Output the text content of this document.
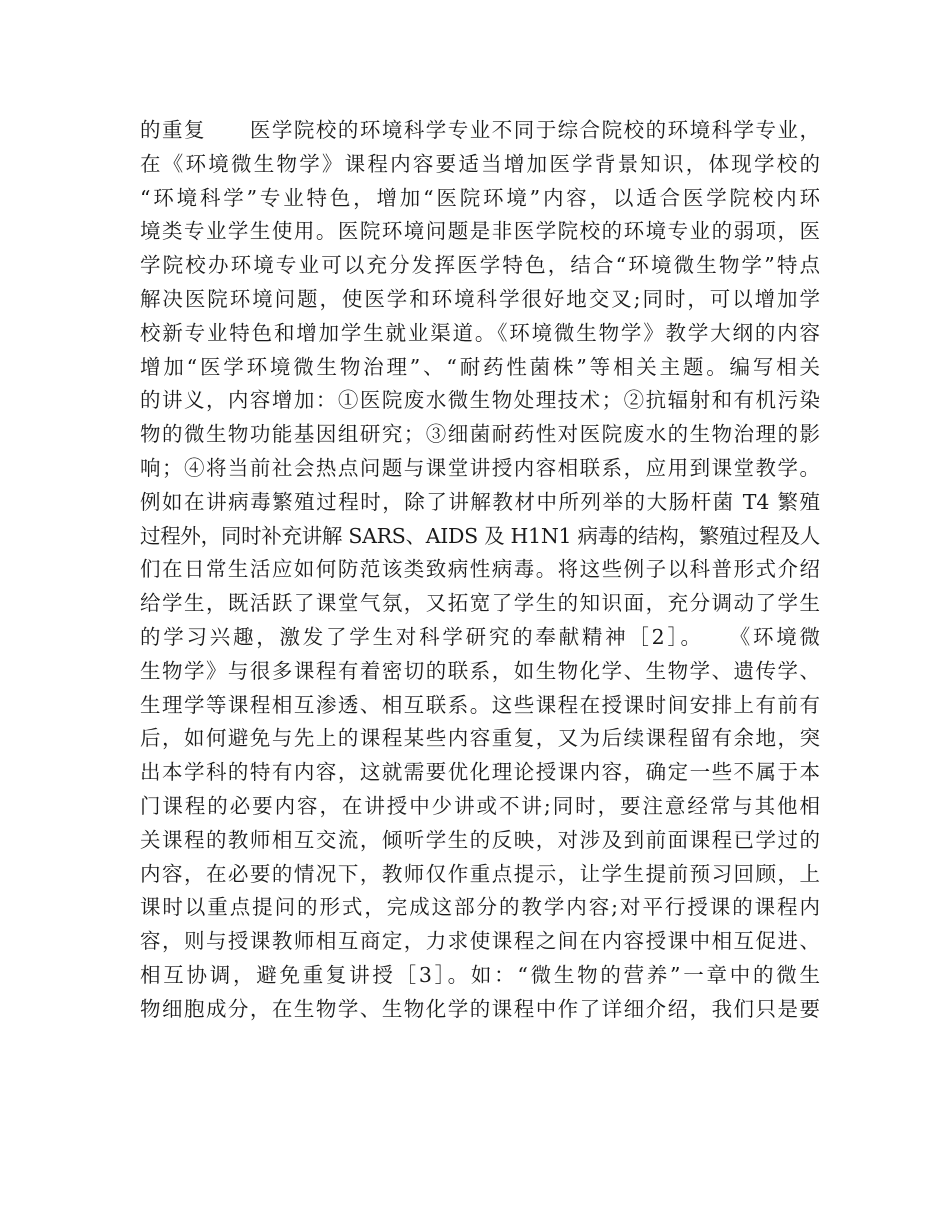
的重复　　医学院校的环境科学专业不同于综合院校的环境科学专业，
在《环境微生物学》课程内容要适当增加医学背景知识，体现学校的
“环境科学”专业特色，增加“医院环境”内容，以适合医学院校内环
境类专业学生使用。医院环境问题是非医学院校的环境专业的弱项，医
学院校办环境专业可以充分发挥医学特色，结合“环境微生物学”特点
解决医院环境问题，使医学和环境科学很好地交叉;同时，可以增加学
校新专业特色和增加学生就业渠道。《环境微生物学》教学大纲的内容
增加“医学环境微生物治理”、“耐药性菌株”等相关主题。编写相关
的讲义，内容增加：①医院废水微生物处理技术；②抗辐射和有机污染
物的微生物功能基因组研究；③细菌耐药性对医院废水的生物治理的影
响；④将当前社会热点问题与课堂讲授内容相联系，应用到课堂教学。
例如在讲病毒繁殖过程时，除了讲解教材中所列举的大肠杆菌 T4 繁殖
过程外，同时补充讲解 SARS、AIDS 及 H1N1 病毒的结构，繁殖过程及人
们在日常生活应如何防范该类致病性病毒。将这些例子以科普形式介绍
给学生，既活跃了课堂气氛，又拓宽了学生的知识面，充分调动了学生
的学习兴趣，激发了学生对科学研究的奉献精神［2］。　　《环境微
生物学》与很多课程有着密切的联系，如生物化学、生物学、遗传学、
生理学等课程相互渗透、相互联系。这些课程在授课时间安排上有前有
后，如何避免与先上的课程某些内容重复，又为后续课程留有余地，突
出本学科的特有内容，这就需要优化理论授课内容，确定一些不属于本
门课程的必要内容，在讲授中少讲或不讲;同时，要注意经常与其他相
关课程的教师相互交流，倾听学生的反映，对涉及到前面课程已学过的
内容，在必要的情况下，教师仅作重点提示，让学生提前预习回顾，上
课时以重点提问的形式，完成这部分的教学内容;对平行授课的课程内
容，则与授课教师相互商定，力求使课程之间在内容授课中相互促进、
相互协调，避免重复讲授［3］。如：“微生物的营养”一章中的微生
物细胞成分，在生物学、生物化学的课程中作了详细介绍，我们只是要
